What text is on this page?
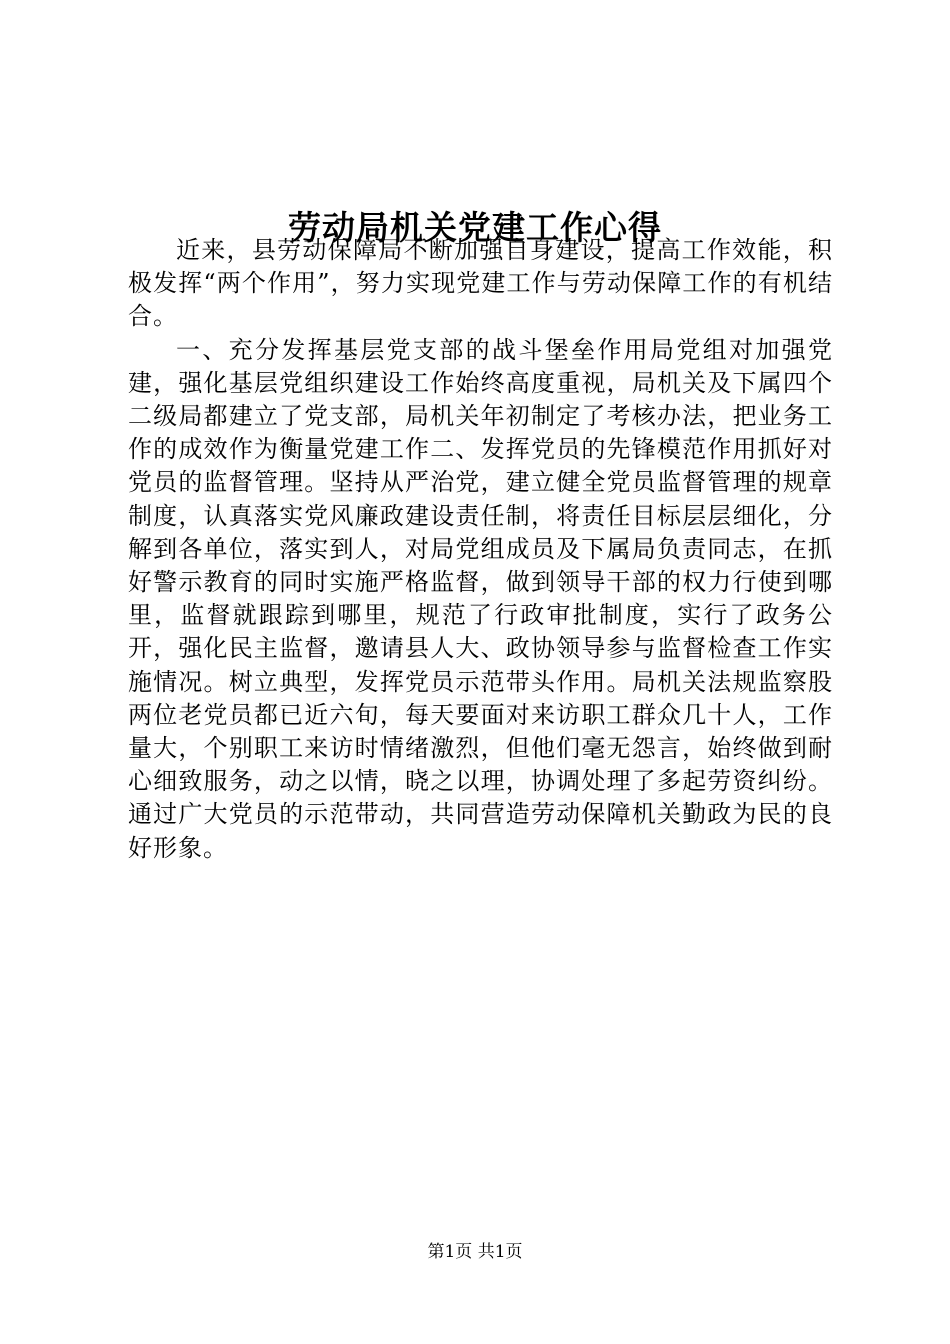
劳动局机关党建工作心得

近来，县劳动保障局不断加强自身建设，提高工作效能，积极发挥“两个作用”，努力实现党建工作与劳动保障工作的有机结合。

一、充分发挥基层党支部的战斗堡垒作用局党组对加强党建，强化基层党组织建设工作始终高度重视，局机关及下属四个二级局都建立了党支部，局机关年初制定了考核办法，把业务工作的成效作为衡量党建工作二、发挥党员的先锋模范作用抓好对党员的监督管理。坚持从严治党，建立健全党员监督管理的规章制度，认真落实党风廉政建设责任制，将责任目标层层细化，分解到各单位，落实到人，对局党组成员及下属局负责同志，在抓好警示教育的同时实施严格监督，做到领导干部的权力行使到哪里，监督就跟踪到哪里，规范了行政审批制度，实行了政务公开，强化民主监督，邀请县人大、政协领导参与监督检查工作实施情况。树立典型，发挥党员示范带头作用。局机关法规监察股两位老党员都已近六旬，每天要面对来访职工群众几十人，工作量大，个别职工来访时情绪激烈，但他们毫无怨言，始终做到耐心细致服务，动之以情，晓之以理，协调处理了多起劳资纠纷。通过广大党员的示范带动，共同营造劳动保障机关勤政为民的良好形象。

第1页 共1页
